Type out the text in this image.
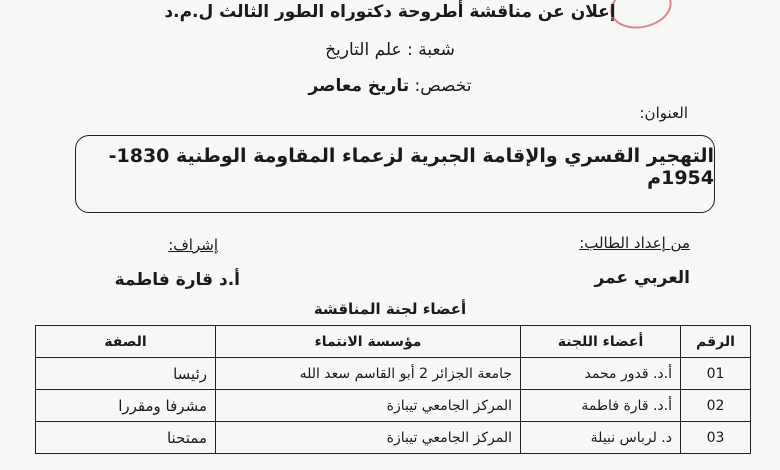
إعلان عن مناقشة أطروحة دكتوراه الطور الثالث ل.م.د
شعبة : علم التاريخ
تخصص: تاريخ معاصر
العنوان:
التهجير القسري والإقامة الجبرية لزعماء المقاومة الوطنية 1830-1954م
من إعداد الطالب:
إشراف:
العربي عمر
أ.د قارة فاطمة
أعضاء لجنة المناقشة
الرقم	أعضاء اللجنة	مؤسسة الانتماء	الصفة
01	أ.د. قدور محمد	جامعة الجزائر 2 أبو القاسم سعد الله	رئيسا
02	أ.د. قارة فاطمة	المركز الجامعي تيبازة	مشرفا ومقررا
03	د. لرباس نبيلة	المركز الجامعي تيبازة	ممتحنا
